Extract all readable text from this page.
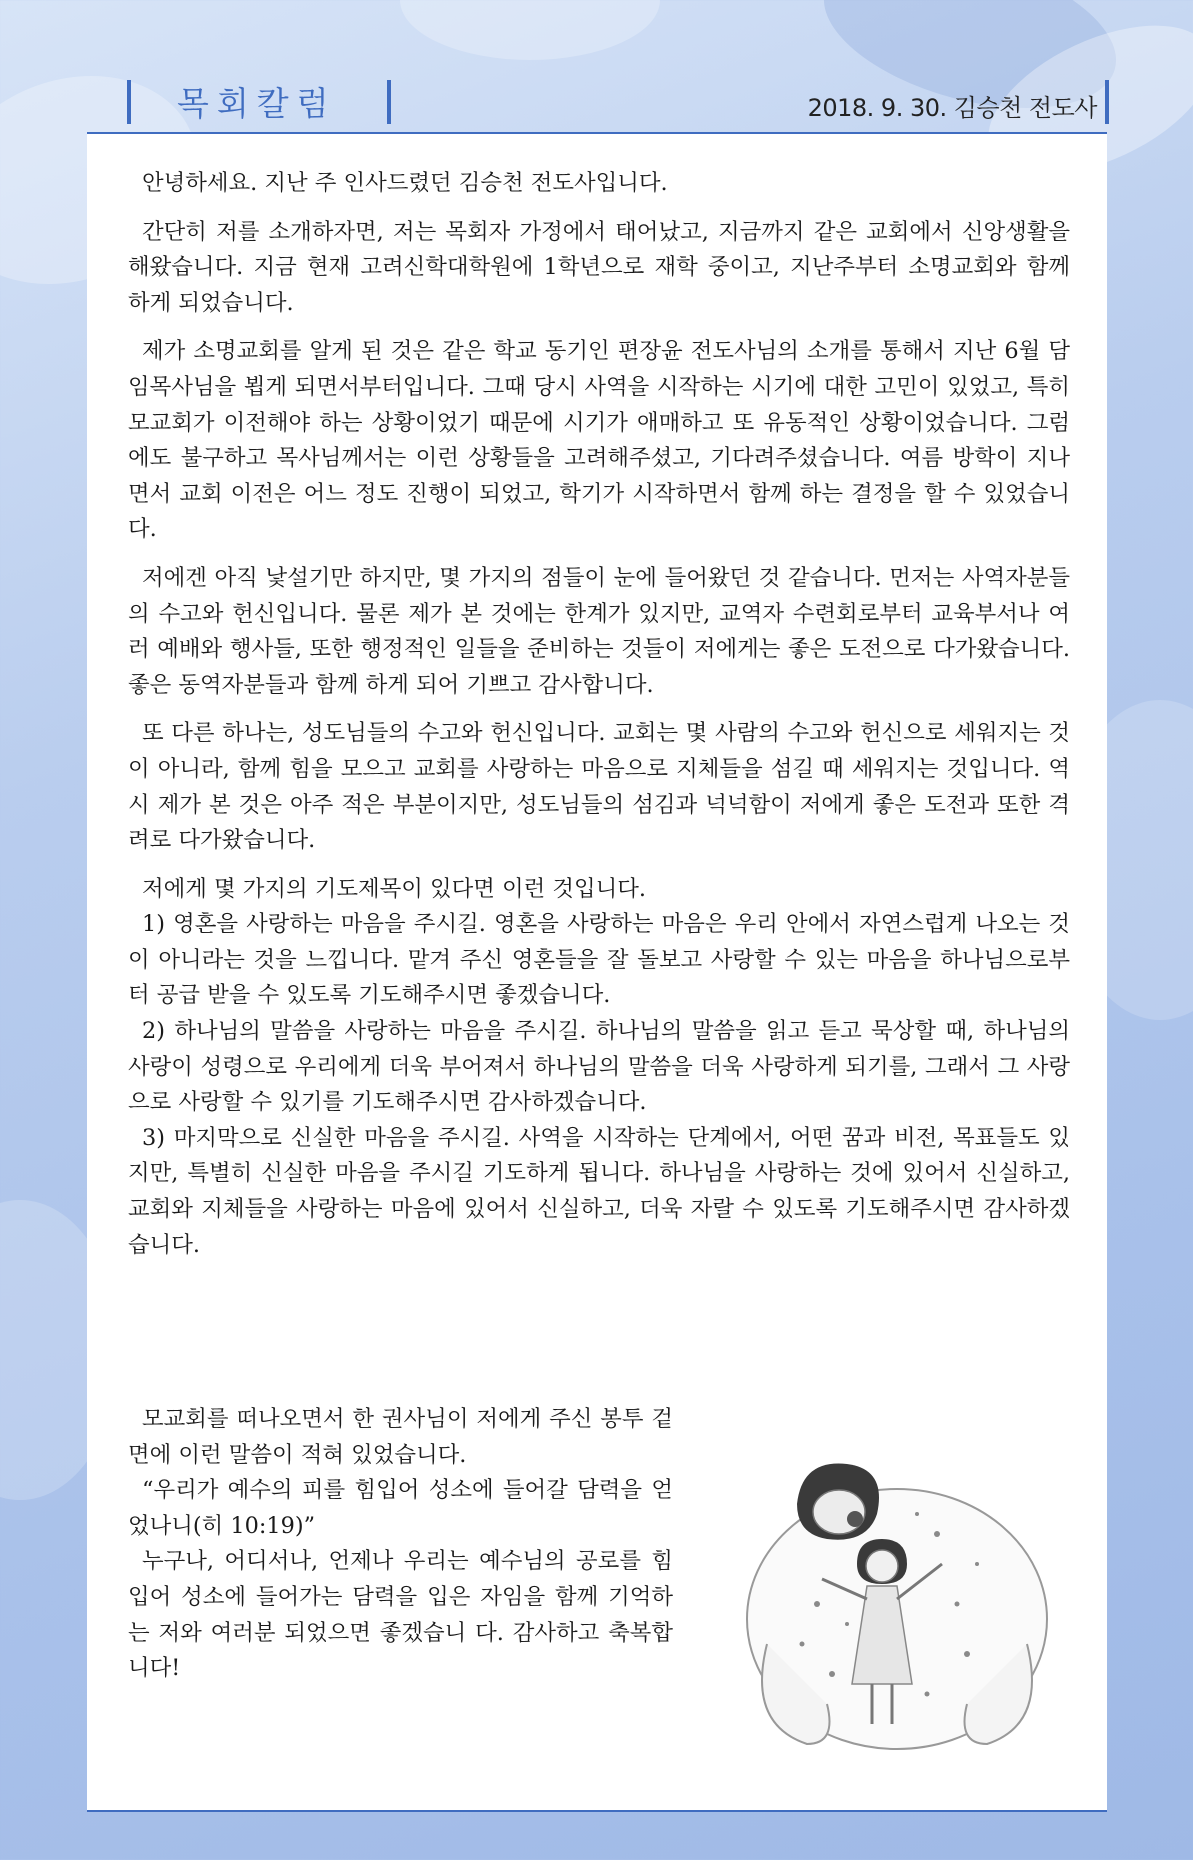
목회칼럼	2018. 9. 30. 김승천 전도사

안녕하세요. 지난 주 인사드렸던 김승천 전도사입니다.

간단히 저를 소개하자면, 저는 목회자 가정에서 태어났고, 지금까지 같은 교회에서 신앙생활을 해왔습니다. 지금 현재 고려신학대학원에 1학년으로 재학 중이고, 지난주부터 소명교회와 함께 하게 되었습니다.

제가 소명교회를 알게 된 것은 같은 학교 동기인 편장윤 전도사님의 소개를 통해서 지난 6월 담임목사님을 뵙게 되면서부터입니다. 그때 당시 사역을 시작하는 시기에 대한 고민이 있었고, 특히 모교회가 이전해야 하는 상황이었기 때문에 시기가 애매하고 또 유동적인 상황이었습니다. 그럼에도 불구하고 목사님께서는 이런 상황들을 고려해주셨고, 기다려주셨습니다. 여름 방학이 지나면서 교회 이전은 어느 정도 진행이 되었고, 학기가 시작하면서 함께 하는 결정을 할 수 있었습니다.

저에겐 아직 낯설기만 하지만, 몇 가지의 점들이 눈에 들어왔던 것 같습니다. 먼저는 사역자분들의 수고와 헌신입니다. 물론 제가 본 것에는 한계가 있지만, 교역자 수련회로부터 교육부서나 여러 예배와 행사들, 또한 행정적인 일들을 준비하는 것들이 저에게는 좋은 도전으로 다가왔습니다. 좋은 동역자분들과 함께 하게 되어 기쁘고 감사합니다.

또 다른 하나는, 성도님들의 수고와 헌신입니다. 교회는 몇 사람의 수고와 헌신으로 세워지는 것이 아니라, 함께 힘을 모으고 교회를 사랑하는 마음으로 지체들을 섬길 때 세워지는 것입니다. 역시 제가 본 것은 아주 적은 부분이지만, 성도님들의 섬김과 넉넉함이 저에게 좋은 도전과 또한 격려로 다가왔습니다.

저에게 몇 가지의 기도제목이 있다면 이런 것입니다.

1) 영혼을 사랑하는 마음을 주시길. 영혼을 사랑하는 마음은 우리 안에서 자연스럽게 나오는 것이 아니라는 것을 느낍니다. 맡겨 주신 영혼들을 잘 돌보고 사랑할 수 있는 마음을 하나님으로부터 공급 받을 수 있도록 기도해주시면 좋겠습니다.

2) 하나님의 말씀을 사랑하는 마음을 주시길. 하나님의 말씀을 읽고 듣고 묵상할 때, 하나님의 사랑이 성령으로 우리에게 더욱 부어져서 하나님의 말씀을 더욱 사랑하게 되기를, 그래서 그 사랑으로 사랑할 수 있기를 기도해주시면 감사하겠습니다.

3) 마지막으로 신실한 마음을 주시길. 사역을 시작하는 단계에서, 어떤 꿈과 비전, 목표들도 있지만, 특별히 신실한 마음을 주시길 기도하게 됩니다. 하나님을 사랑하는 것에 있어서 신실하고, 교회와 지체들을 사랑하는 마음에 있어서 신실하고, 더욱 자랄 수 있도록 기도해주시면 감사하겠습니다.

모교회를 떠나오면서 한 권사님이 저에게 주신 봉투 겉면에 이런 말씀이 적혀 있었습니다.

“우리가 예수의 피를 힘입어 성소에 들어갈 담력을 얻었나니(히 10:19)”

누구나, 어디서나, 언제나 우리는 예수님의 공로를 힘입어 성소에 들어가는 담력을 입은 자임을 함께 기억하는 저와 여러분 되었으면 좋겠습니 다. 감사하고 축복합니다!
